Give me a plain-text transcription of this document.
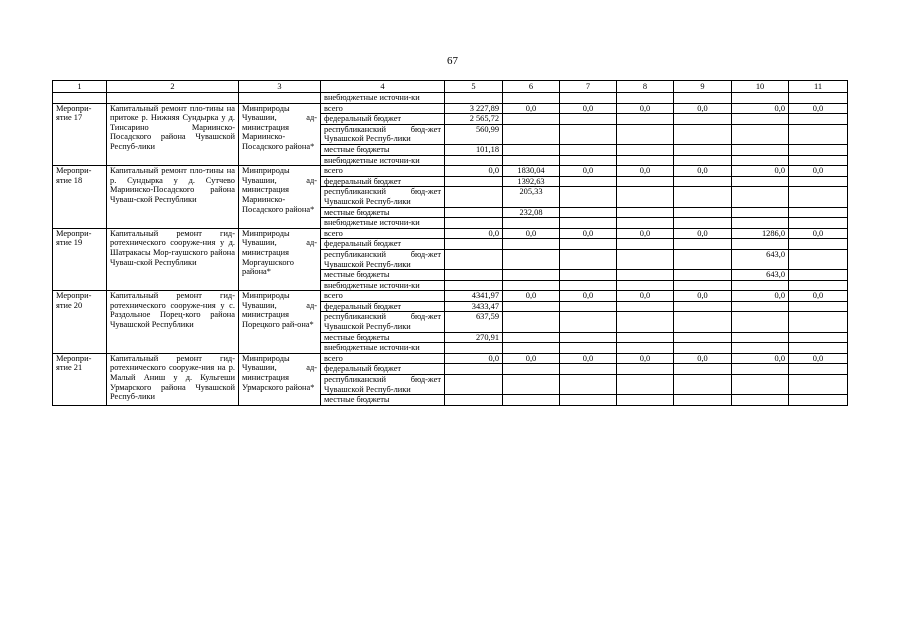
67
1	2	3	4	5	6	7	8	9	10	11
			внебюджетные источни-ки							
Меропри-ятие 17	Капитальный ремонт пло-тины на притоке р. Нижняя Сундырка у д. Тинсарино Мариинско-Посадского района Чувашской Респуб-лики	Минприроды Чувашии, ад-министрация Мариинско-Посадского района*	всего	3 227,89	0,0	0,0	0,0	0,0	0,0	0,0
			федеральный бюджет	2 565,72						
			республиканский бюд-жет Чувашской Респуб-лики	560,99						
			местные бюджеты	101,18						
			внебюджетные источни-ки							
Меропри-ятие 18	Капитальный ремонт пло-тины на р. Сундырка у д. Сутчево Мариинско-Посадского района Чуваш-ской Республики	Минприроды Чувашии, ад-министрация Мариинско-Посадского района*	всего	0,0	1830,04	0,0	0,0	0,0	0,0	0,0
			федеральный бюджет		1392,63					
			республиканский бюд-жет Чувашской Респуб-лики		205,33					
			местные бюджеты		232,08					
			внебюджетные источни-ки							
Меропри-ятие 19	Капитальный ремонт гид-ротехнического сооруже-ния у д. Шатракасы Мор-гаушского района Чуваш-ской Республики	Минприроды Чувашии, ад-министрация Моргаушского района*	всего	0,0	0,0	0,0	0,0	0,0	1286,0	0,0
			федеральный бюджет							
			республиканский бюд-жет Чувашской Респуб-лики						643,0	
			местные бюджеты						643,0	
			внебюджетные источни-ки							
Меропри-ятие 20	Капитальный ремонт гид-ротехнического сооруже-ния у с. Раздольное Порец-кого района Чувашской Республики	Минприроды Чувашии, ад-министрация Порецкого рай-она*	всего	4341,97	0,0	0,0	0,0	0,0	0,0	0,0
			федеральный бюджет	3433,47						
			республиканский бюд-жет Чувашской Респуб-лики	637,59						
			местные бюджеты	270,91						
			внебюджетные источни-ки							
Меропри-ятие 21	Капитальный ремонт гид-ротехнического сооруже-ния на р. Малый Аниш у д. Кульгеши Урмарского района Чувашской Респуб-лики	Минприроды Чувашии, ад-министрация Урмарского района*	всего	0,0	0,0	0,0	0,0	0,0	0,0	0,0
			федеральный бюджет							
			республиканский бюд-жет Чувашской Респуб-лики							
			местные бюджеты							
